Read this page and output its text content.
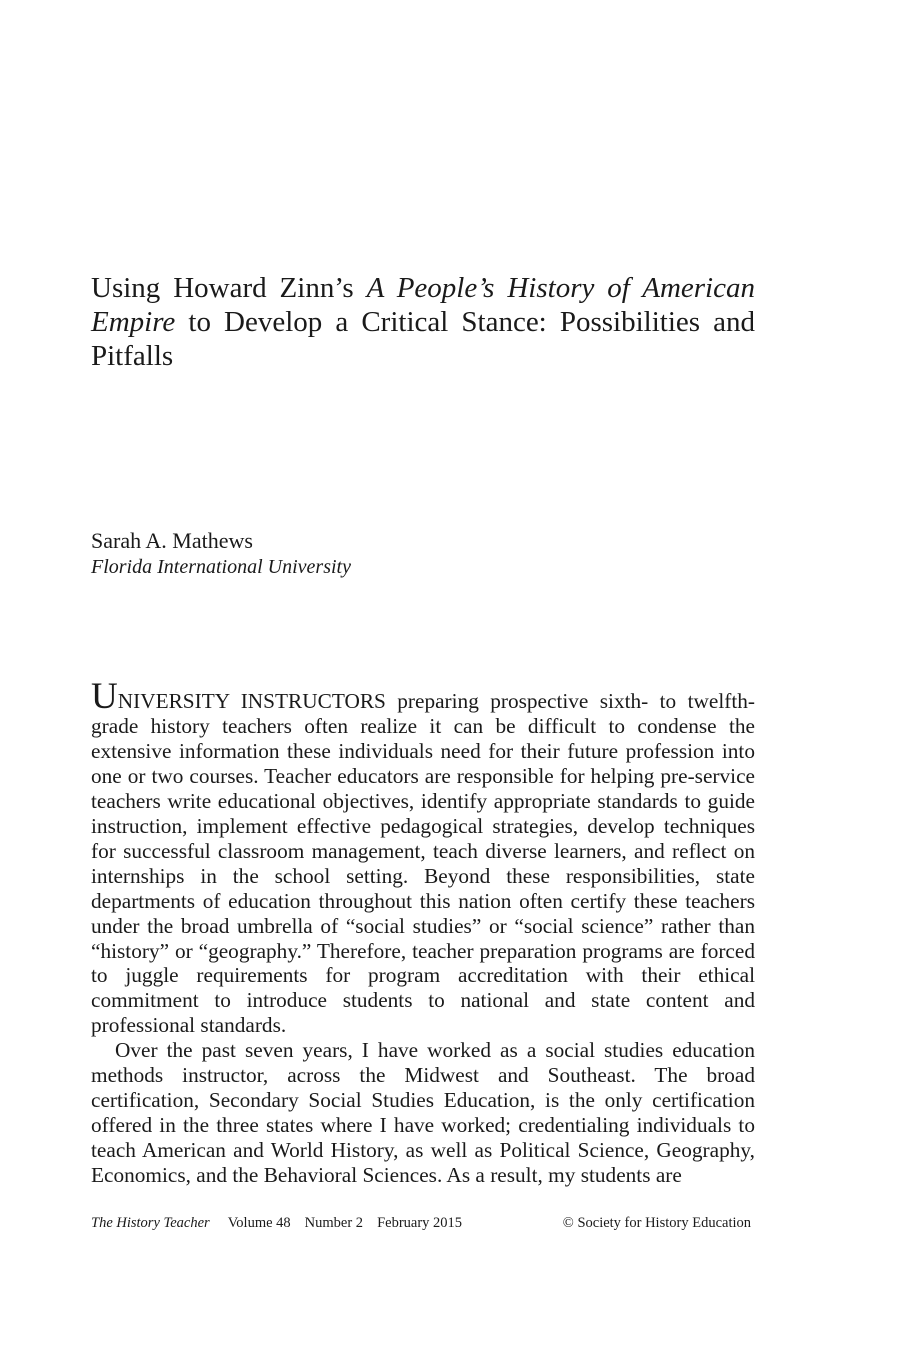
Using Howard Zinn’s A People’s History of American Empire to Develop a Critical Stance: Possibilities and Pitfalls
Sarah A. Mathews
Florida International University

UNIVERSITY INSTRUCTORS preparing prospective sixth- to twelfth-grade history teachers often realize it can be difficult to condense the extensive information these individuals need for their future profession into one or two courses. Teacher educators are responsible for helping pre-service teachers write educational objectives, identify appropriate standards to guide instruction, implement effective pedagogical strategies, develop techniques for successful classroom management, teach diverse learners, and reflect on internships in the school setting. Beyond these responsibilities, state departments of education throughout this nation often certify these teachers under the broad umbrella of “social studies” or “social science” rather than “history” or “geography.” Therefore, teacher preparation programs are forced to juggle requirements for program accreditation with their ethical commitment to introduce students to national and state content and professional standards.

Over the past seven years, I have worked as a social studies education methods instructor, across the Midwest and Southeast. The broad certification, Secondary Social Studies Education, is the only certification offered in the three states where I have worked; credentialing individuals to teach American and World History, as well as Political Science, Geography, Economics, and the Behavioral Sciences. As a result, my students are

The History Teacher Volume 48 Number 2 February 2015	© Society for History Education
